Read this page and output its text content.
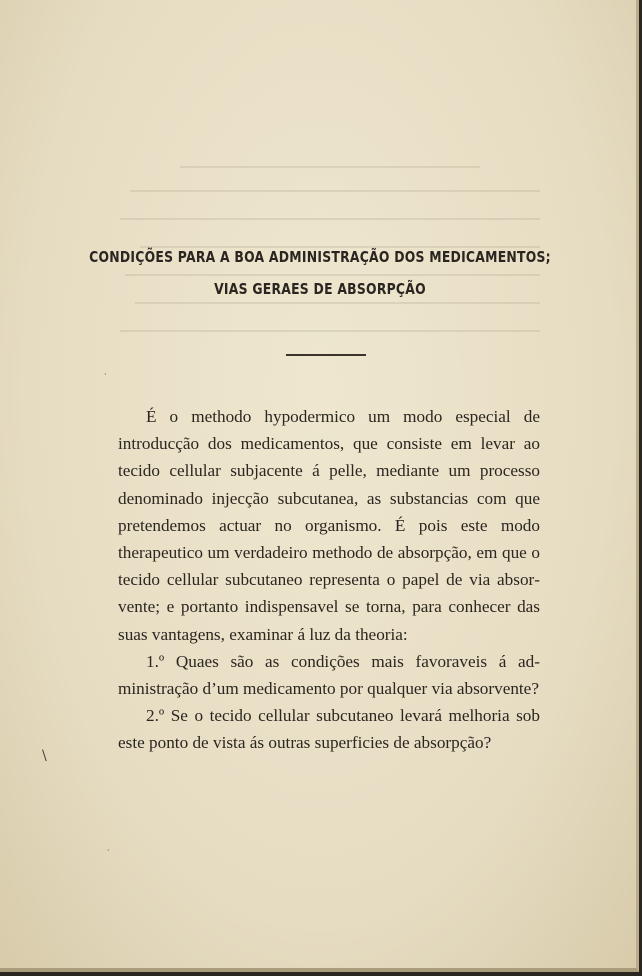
CONDIÇÕES PARA A BOA ADMINISTRAÇÃO DOS MEDICAMENTOS;
VIAS GERAES DE ABSORPÇÃO

É o methodo hypodermico um modo especial de introducção dos medicamentos, que consiste em levar ao tecido cellular subjacente á pelle, mediante um processo denominado injecção subcutanea, as substancias com que pretendemos actuar no organismo. É pois este modo therapeutico um verdadeiro methodo de absorpção, em que o tecido cellular subcutaneo representa o papel de via absorvente; e portanto indispensavel se torna, para conhecer das suas vantagens, examinar á luz da theoria:

1.º Quaes são as condições mais favoraveis á administração d’um medicamento por qualquer via absorvente?

2.º Se o tecido cellular subcutaneo levará melhoria sob este ponto de vista ás outras superficies de absorpção?

\
·
·
